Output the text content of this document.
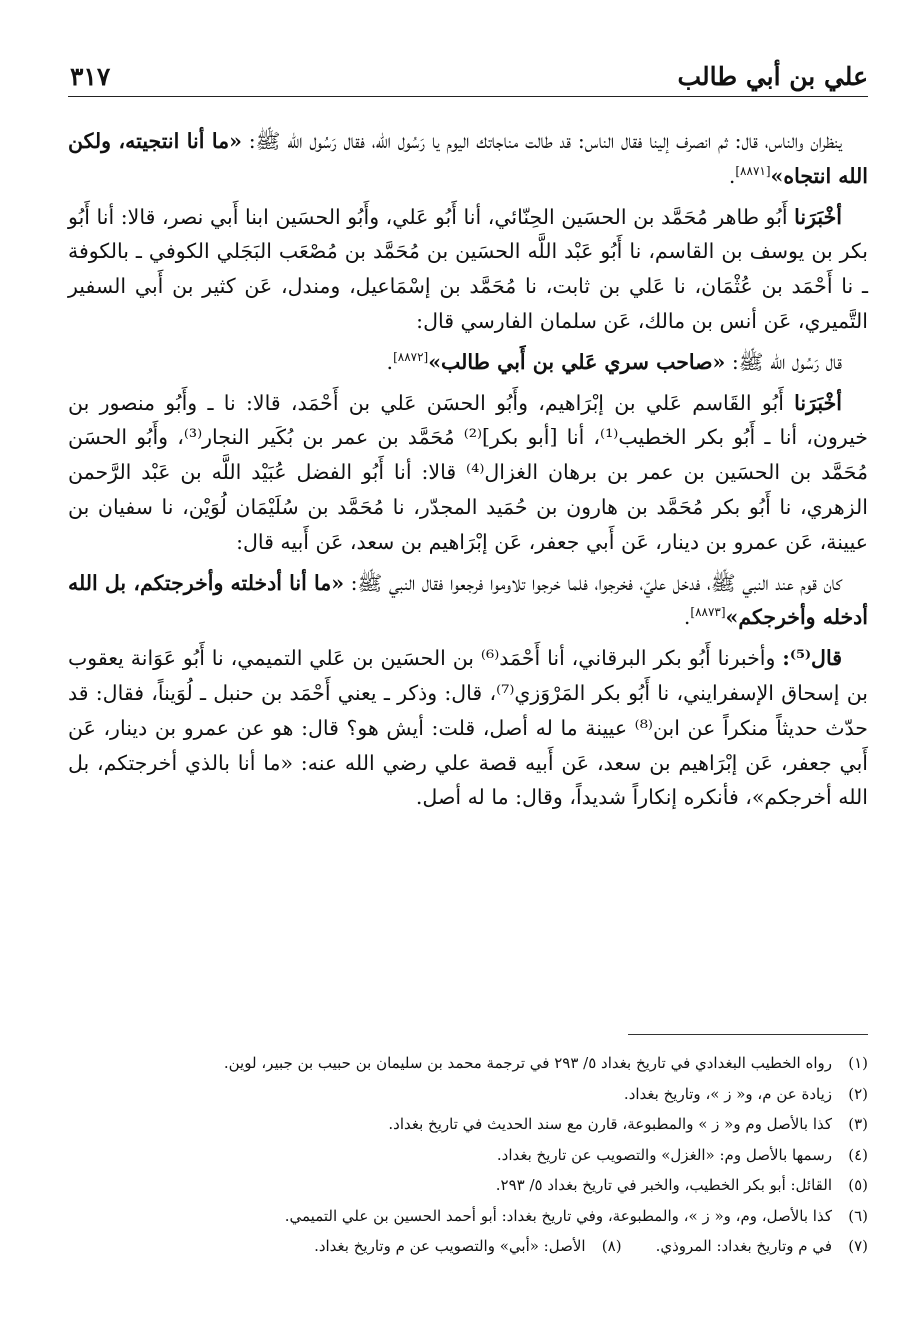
علي بن أبي طالب
٣١٧

ينظران والناس، قال: ثم انصرف إلينا فقال الناس: قد طالت مناجاتك اليوم يا رَسُول الله، فقال رَسُول الله ﷺ: «ما أنا انتجيته، ولكن الله انتجاه»[٨٨٧١].

أخْبَرَنا أَبُو طاهر مُحَمَّد بن الحسَين الحِنّائي، أنا أَبُو عَلي، وأَبُو الحسَين ابنا أَبي نصر، قالا: أنا أَبُو بكر بن يوسف بن القاسم، نا أَبُو عَبْد اللَّه الحسَين بن مُحَمَّد بن مُصْعَب البَجَلي الكوفي ـ بالكوفة ـ نا أَحْمَد بن عُثْمَان، نا عَلي بن ثابت، نا مُحَمَّد بن إسْمَاعيل، ومندل، عَن كثير بن أَبي السفير التَّميري، عَن أنس بن مالك، عَن سلمان الفارسي قال:

قال رَسُول الله ﷺ: «صاحب سري عَلي بن أَبي طالب»[٨٨٧٢].

أخْبَرَنا أَبُو القَاسم عَلي بن إبْرَاهيم، وأَبُو الحسَن عَلي بن أَحْمَد، قالا: نا ـ وأَبُو منصور بن خيرون، أنا ـ أَبُو بكر الخطيب⁽¹⁾، أنا [أبو بكر]⁽²⁾ مُحَمَّد بن عمر بن بُكَير النجار⁽³⁾، وأَبُو الحسَن مُحَمَّد بن الحسَين بن عمر بن برهان الغزال⁽⁴⁾ قالا: أنا أَبُو الفضل عُبَيْد اللَّه بن عَبْد الرَّحمن الزهري، نا أَبُو بكر مُحَمَّد بن هارون بن حُمَيد المجدّر، نا مُحَمَّد بن سُلَيْمَان لُوَيْن، نا سفيان بن عيينة، عَن عمرو بن دينار، عَن أَبي جعفر، عَن إبْرَاهيم بن سعد، عَن أَبيه قال:

كان قوم عند النبي ﷺ، فدخل عليّ، فخرجوا، فلما خرجوا تلاوموا فرجعوا فقال النبي ﷺ: «ما أنا أدخلته وأخرجتكم، بل الله أدخله وأخرجكم»[٨٨٧٣].

قال⁽⁵⁾: وأخبرنا أَبُو بكر البرقاني، أنا أَحْمَد⁽⁶⁾ بن الحسَين بن عَلي التميمي، نا أَبُو عَوَانة يعقوب بن إسحاق الإسفرايني، نا أَبُو بكر المَرْوَزي⁽⁷⁾، قال: وذكر ـ يعني أَحْمَد بن حنبل ـ لُوَيناً، فقال: قد حدّث حديثاً منكراً عن ابن⁽⁸⁾ عيينة ما له أصل، قلت: أيش هو؟ قال: هو عن عمرو بن دينار، عَن أَبي جعفر، عَن إبْرَاهيم بن سعد، عَن أَبيه قصة علي رضي الله عنه: «ما أنا بالذي أخرجتكم، بل الله أخرجكم»، فأنكره إنكاراً شديداً، وقال: ما له أصل.

(١)
رواه الخطيب البغدادي في تاريخ بغداد ٥/ ٢٩٣ في ترجمة محمد بن سليمان بن حبيب بن جبير، لوين.
(٢)
زيادة عن م، و« ز »، وتاريخ بغداد.
(٣)
كذا بالأصل وم و« ز » والمطبوعة، قارن مع سند الحديث في تاريخ بغداد.
(٤)
رسمها بالأصل وم: «الغزل» والتصويب عن تاريخ بغداد.
(٥)
القائل: أبو بكر الخطيب، والخبر في تاريخ بغداد ٥/ ٢٩٣.
(٦)
كذا بالأصل، وم، و« ز »، والمطبوعة، وفي تاريخ بغداد: أبو أحمد الحسين بن علي التميمي.
(٧)
في م وتاريخ بغداد: المروذي.
(٨)
الأصل: «أبي» والتصويب عن م وتاريخ بغداد.
